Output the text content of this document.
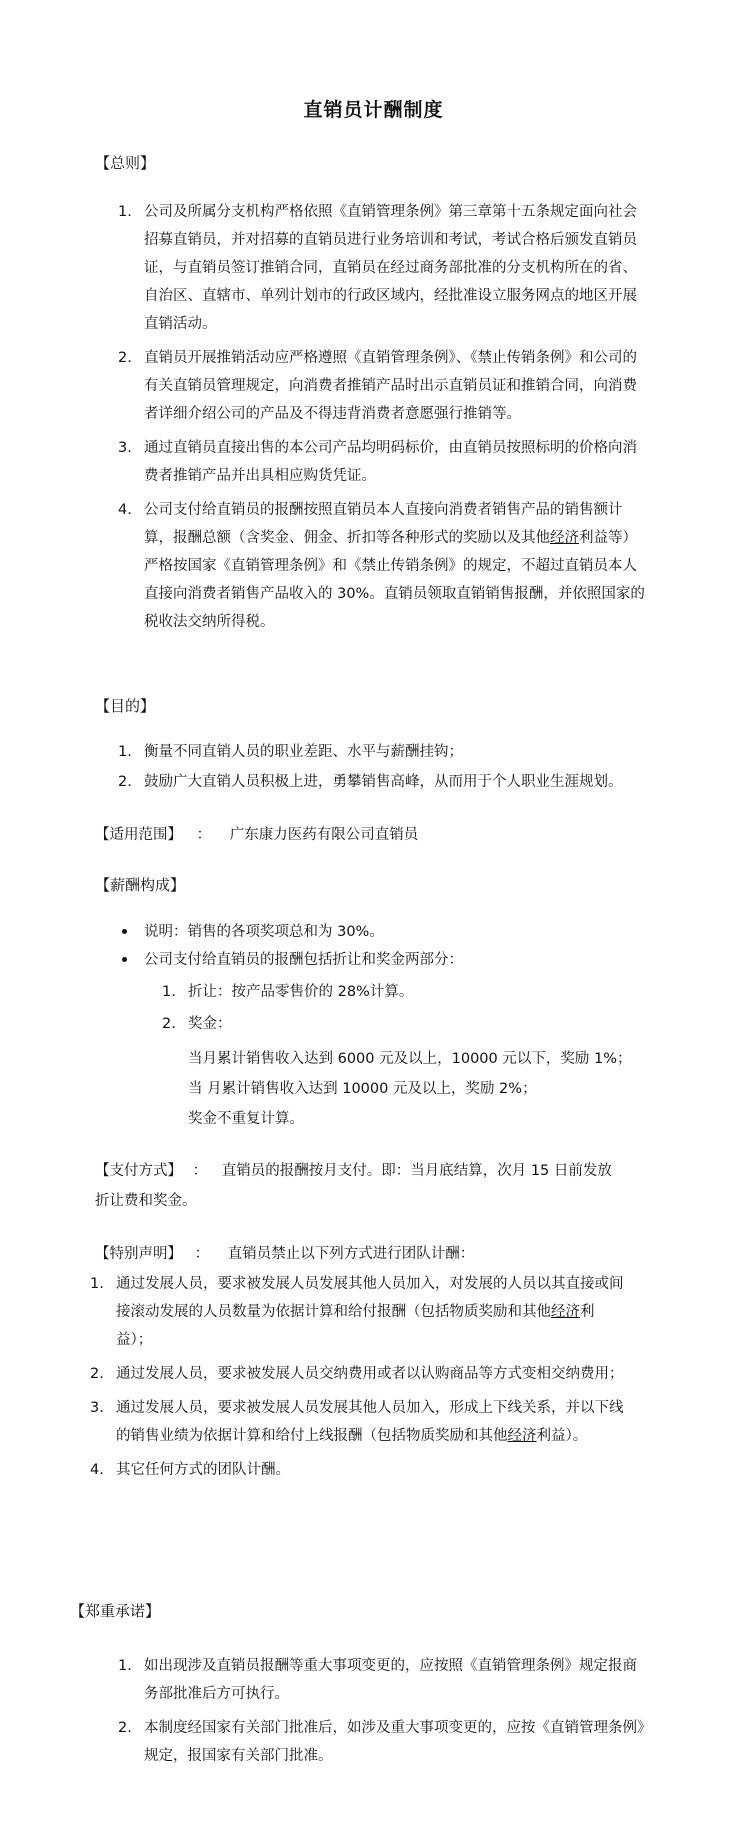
直销员计酬制度
【总则】
1. 公司及所属分支机构严格依照《直销管理条例》第三章第十五条规定面向社会招募直销员，并对招募的直销员进行业务培训和考试，考试合格后颁发直销员证，与直销员签订推销合同，直销员在经过商务部批准的分支机构所在的省、自治区、直辖市、单列计划市的行政区域内，经批准设立服务网点的地区开展直销活动。
2. 直销员开展推销活动应严格遵照《直销管理条例》、《禁止传销条例》和公司的有关直销员管理规定，向消费者推销产品时出示直销员证和推销合同，向消费者详细介绍公司的产品及不得违背消费者意愿强行推销等。
3. 通过直销员直接出售的本公司产品均明码标价，由直销员按照标明的价格向消费者推销产品并出具相应购货凭证。
4. 公司支付给直销员的报酬按照直销员本人直接向消费者销售产品的销售额计算，报酬总额（含奖金、佣金、折扣等各种形式的奖励以及其他经济利益等）严格按国家《直销管理条例》和《禁止传销条例》的规定，不超过直销员本人直接向消费者销售产品收入的 30%。直销员领取直销销售报酬，并依照国家的税收法交纳所得税。
【目的】
1. 衡量不同直销人员的职业差距、水平与薪酬挂钩；
2. 鼓励广大直销人员积极上进，勇攀销售高峰，从而用于个人职业生涯规划。
【适用范围】 ： 广东康力医药有限公司直销员
【薪酬构成】
说明：销售的各项奖项总和为 30%。
公司支付给直销员的报酬包括折让和奖金两部分：
1. 折让：按产品零售价的 28%计算。
2. 奖金：
当月累计销售收入达到 6000 元及以上，10000 元以下，奖励 1%；
当 月累计销售收入达到 10000 元及以上，奖励 2%；
奖金不重复计算。
【支付方式】 ： 直销员的报酬按月支付。即：当月底结算，次月 15 日前发放
折让费和奖金。
【特别声明】 ： 直销员禁止以下列方式进行团队计酬：
1. 通过发展人员，要求被发展人员发展其他人员加入，对发展的人员以其直接或间接滚动发展的人员数量为依据计算和给付报酬（包括物质奖励和其他经济利益）；
2. 通过发展人员，要求被发展人员交纳费用或者以认购商品等方式变相交纳费用；
3. 通过发展人员，要求被发展人员发展其他人员加入，形成上下线关系，并以下线的销售业绩为依据计算和给付上线报酬（包括物质奖励和其他经济利益）。
4. 其它任何方式的团队计酬。
【郑重承诺】
1. 如出现涉及直销员报酬等重大事项变更的，应按照《直销管理条例》规定报商务部批准后方可执行。
2. 本制度经国家有关部门批准后，如涉及重大事项变更的，应按《直销管理条例》规定，报国家有关部门批准。
